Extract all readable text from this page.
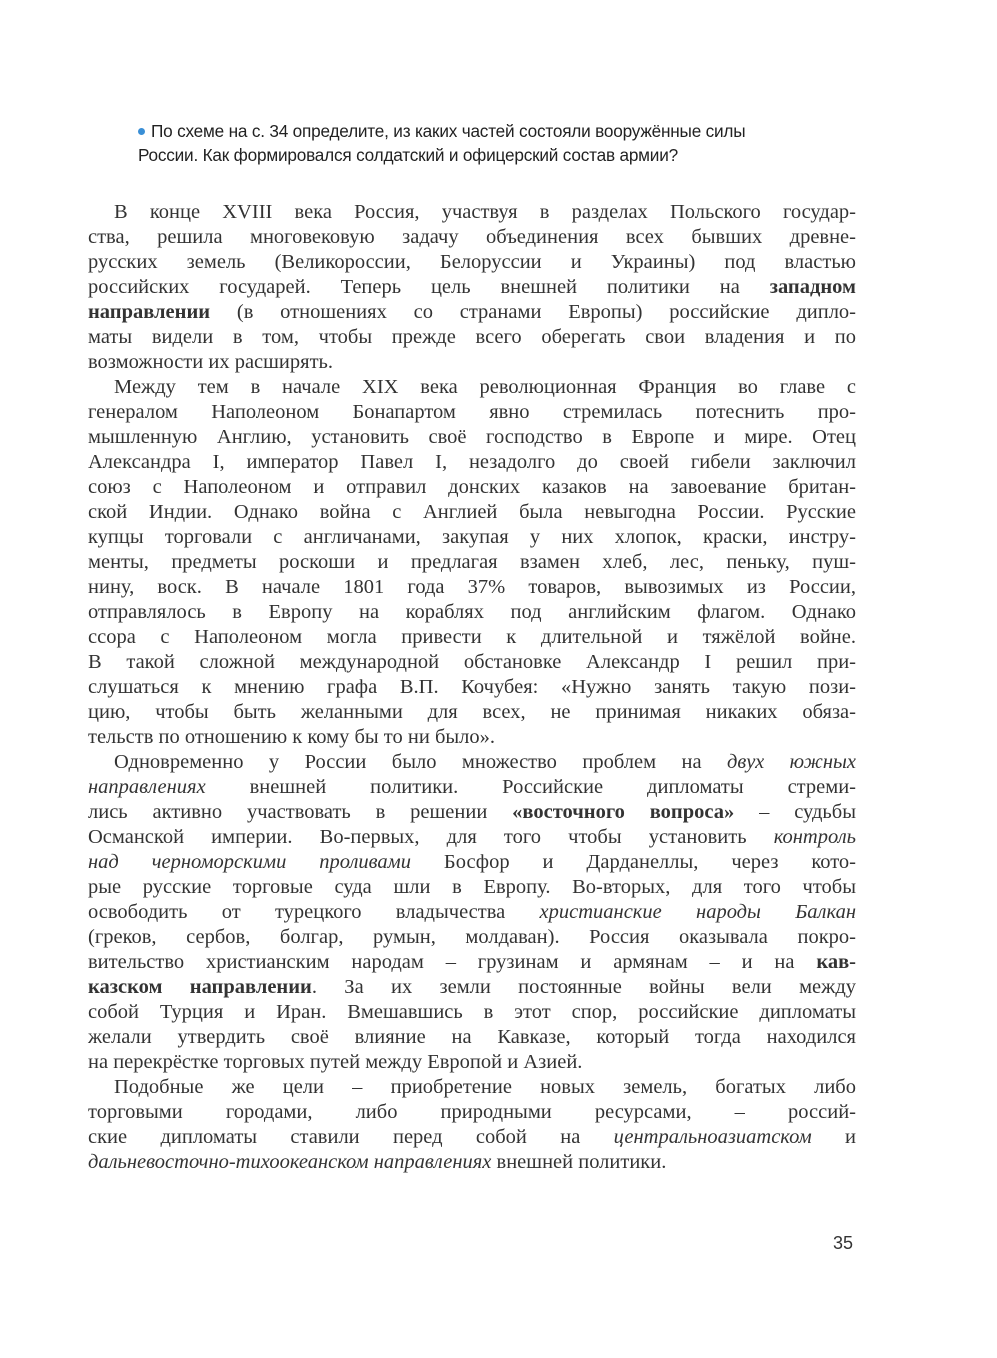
По схеме на с. 34 определите, из каких частей состояли вооружённые силы
России. Как формировался солдатский и офицерский состав армии?
В конце XVIII века Россия, участвуя в разделах Польского государ-
ства, решила многовековую задачу объединения всех бывших древне-
русских земель (Великороссии, Белоруссии и Украины) под властью
российских государей. Теперь цель внешней политики на западном
направлении (в отношениях со странами Европы) российские дипло-
маты видели в том, чтобы прежде всего оберегать свои владения и по
возможности их расширять.
Между тем в начале XIX века революционная Франция во главе с
генералом Наполеоном Бонапартом явно стремилась потеснить про-
мышленную Англию, установить своё господство в Европе и мире. Отец
Александра I, император Павел I, незадолго до своей гибели заключил
союз с Наполеоном и отправил донских казаков на завоевание британ-
ской Индии. Однако война с Англией была невыгодна России. Русские
купцы торговали с англичанами, закупая у них хлопок, краски, инстру-
менты, предметы роскоши и предлагая взамен хлеб, лес, пеньку, пуш-
нину, воск. В начале 1801 года 37% товаров, вывозимых из России,
отправлялось в Европу на кораблях под английским флагом. Однако
ссора с Наполеоном могла привести к длительной и тяжёлой войне.
В такой сложной международной обстановке Александр I решил при-
слушаться к мнению графа В.П. Кочубея: «Нужно занять такую пози-
цию, чтобы быть желанными для всех, не принимая никаких обяза-
тельств по отношению к кому бы то ни было».
Одновременно у России было множество проблем на двух южных
направлениях внешней политики. Российские дипломаты стреми-
лись активно участвовать в решении «восточного вопроса» – судьбы
Османской империи. Во-первых, для того чтобы установить контроль
над черноморскими проливами Босфор и Дарданеллы, через кото-
рые русские торговые суда шли в Европу. Во-вторых, для того чтобы
освободить от турецкого владычества христианские народы Балкан
(греков, сербов, болгар, румын, молдаван). Россия оказывала покро-
вительство христианским народам – грузинам и армянам – и на кав-
казском направлении. За их земли постоянные войны вели между
собой Турция и Иран. Вмешавшись в этот спор, российские дипломаты
желали утвердить своё влияние на Кавказе, который тогда находился
на перекрёстке торговых путей между Европой и Азией.
Подобные же цели – приобретение новых земель, богатых либо
торговыми городами, либо природными ресурсами, – россий-
ские дипломаты ставили перед собой на центральноазиатском и
дальневосточно-тихоокеанском направлениях внешней политики.
35
